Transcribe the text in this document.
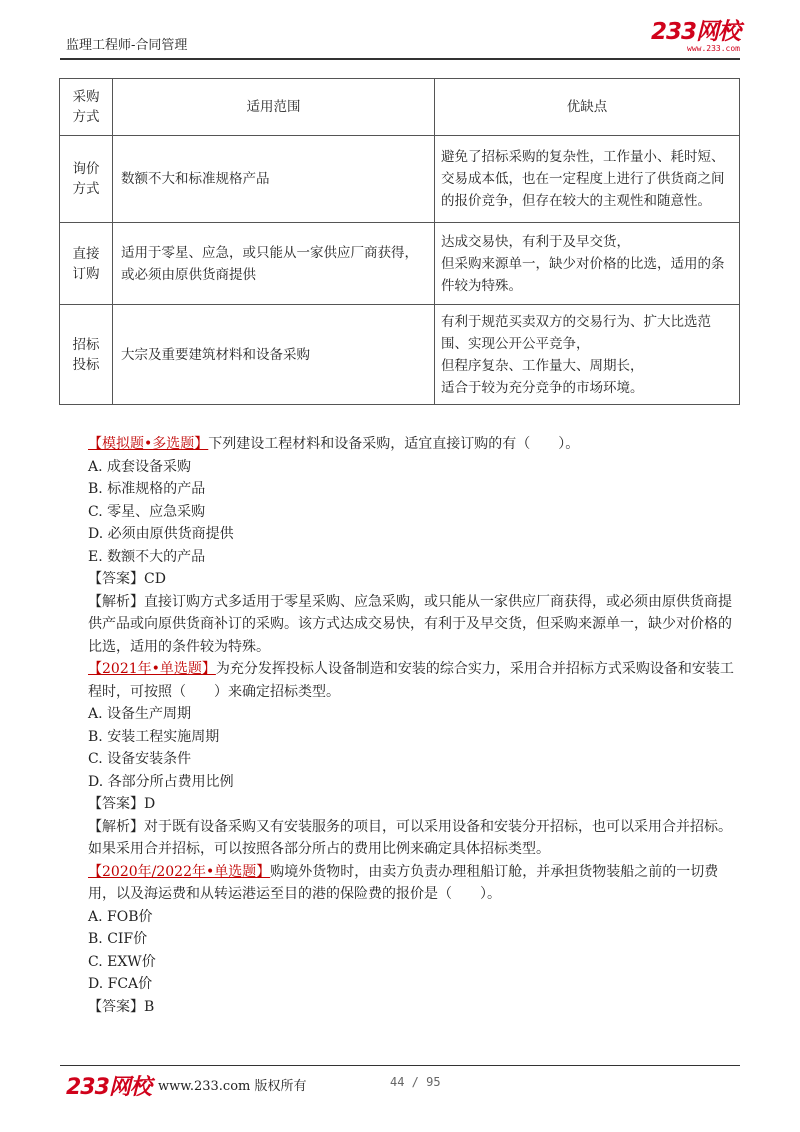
监理工程师-合同管理
233网校
www.233.com
采购
方式	适用范围	优缺点
询价
方式	数额不大和标准规格产品	避免了招标采购的复杂性，工作量小、耗时短、交易成本低，也在一定程度上进行了供货商之间的报价竞争，但存在较大的主观性和随意性。
直接
订购	适用于零星、应急，或只能从一家供应厂商获得，或必须由原供货商提供	达成交易快，有利于及早交货，
但采购来源单一，缺少对价格的比选，适用的条件较为特殊。
招标
投标	大宗及重要建筑材料和设备采购	有利于规范买卖双方的交易行为、扩大比选范围、实现公开公平竞争，
但程序复杂、工作量大、周期长，
适合于较为充分竞争的市场环境。

【模拟题•多选题】下列建设工程材料和设备采购，适宜直接订购的有（　　）。

A. 成套设备采购

B. 标准规格的产品

C. 零星、应急采购

D. 必须由原供货商提供

E. 数额不大的产品

【答案】CD

【解析】直接订购方式多适用于零星采购、应急采购，或只能从一家供应厂商获得，或必须由原供货商提供产品或向原供货商补订的采购。该方式达成交易快，有利于及早交货，但采购来源单一，缺少对价格的比选，适用的条件较为特殊。

【2021年•单选题】为充分发挥投标人设备制造和安装的综合实力，采用合并招标方式采购设备和安装工程时，可按照（　　）来确定招标类型。

A. 设备生产周期

B. 安装工程实施周期

C. 设备安装条件

D. 各部分所占费用比例

【答案】D

【解析】对于既有设备采购又有安装服务的项目，可以采用设备和安装分开招标，也可以采用合并招标。如果采用合并招标，可以按照各部分所占的费用比例来确定具体招标类型。

【2020年/2022年•单选题】购境外货物时，由卖方负责办理租船订舱，并承担货物装船之前的一切费用，以及海运费和从转运港运至目的港的保险费的报价是（　　）。

A. FOB价

B. CIF价

C. EXW价

D. FCA价

【答案】B

233网校 www.233.com 版权所有	44 / 95
